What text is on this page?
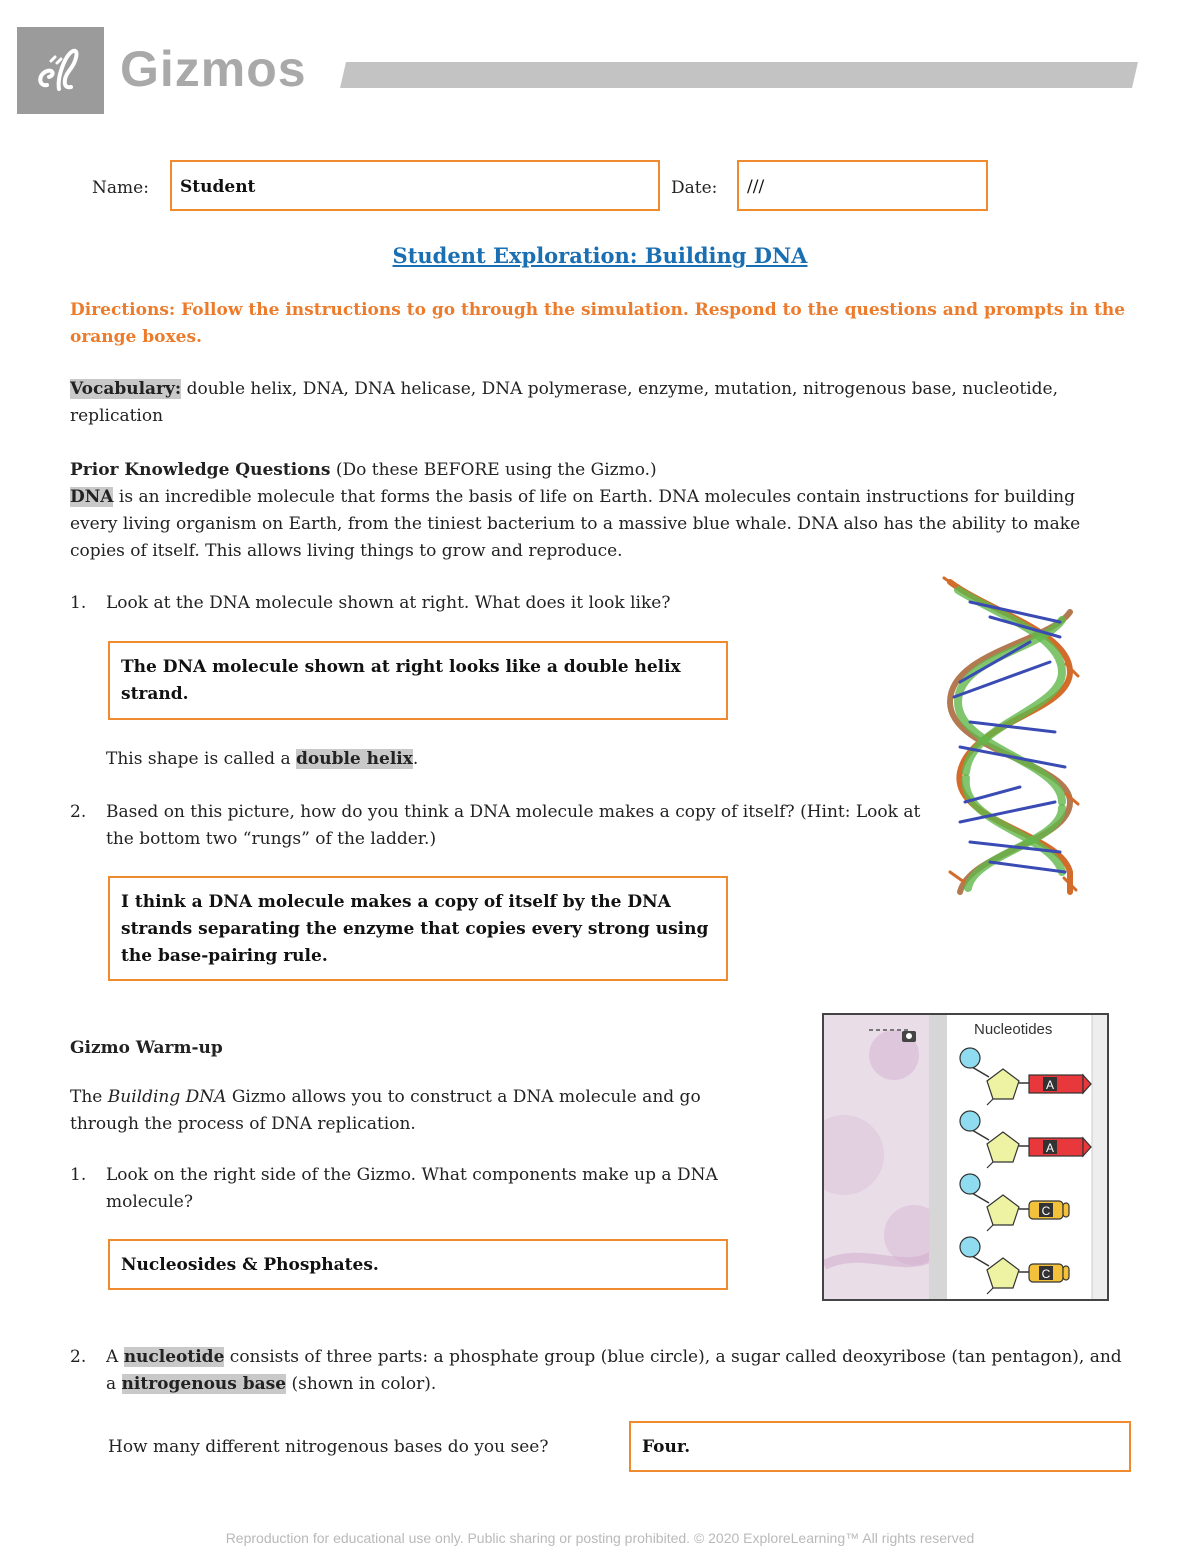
Gizmos
Name:	Student	Date:	///
Student Exploration: Building DNA
Directions: Follow the instructions to go through the simulation. Respond to the questions and prompts in the orange boxes.
Vocabulary: double helix, DNA, DNA helicase, DNA polymerase, enzyme, mutation, nitrogenous base, nucleotide, replication
Prior Knowledge Questions (Do these BEFORE using the Gizmo.)
DNA is an incredible molecule that forms the basis of life on Earth. DNA molecules contain instructions for building every living organism on Earth, from the tiniest bacterium to a massive blue whale. DNA also has the ability to make copies of itself. This allows living things to grow and reproduce.
1. Look at the DNA molecule shown at right. What does it look like?
The DNA molecule shown at right looks like a double helix strand.
This shape is called a double helix.
2. Based on this picture, how do you think a DNA molecule makes a copy of itself? (Hint: Look at the bottom two “rungs” of the ladder.)
I think a DNA molecule makes a copy of itself by the DNA strands separating the enzyme that copies every strong using the base-pairing rule.
Gizmo Warm-up
The Building DNA Gizmo allows you to construct a DNA molecule and go through the process of DNA replication.
1. Look on the right side of the Gizmo. What components make up a DNA molecule?
Nucleosides & Phosphates.
Nucleotides
A
A
C
C
2. A nucleotide consists of three parts: a phosphate group (blue circle), a sugar called deoxyribose (tan pentagon), and a nitrogenous base (shown in color).
How many different nitrogenous bases do you see?	Four.
Reproduction for educational use only. Public sharing or posting prohibited. © 2020 ExploreLearning™ All rights reserved
